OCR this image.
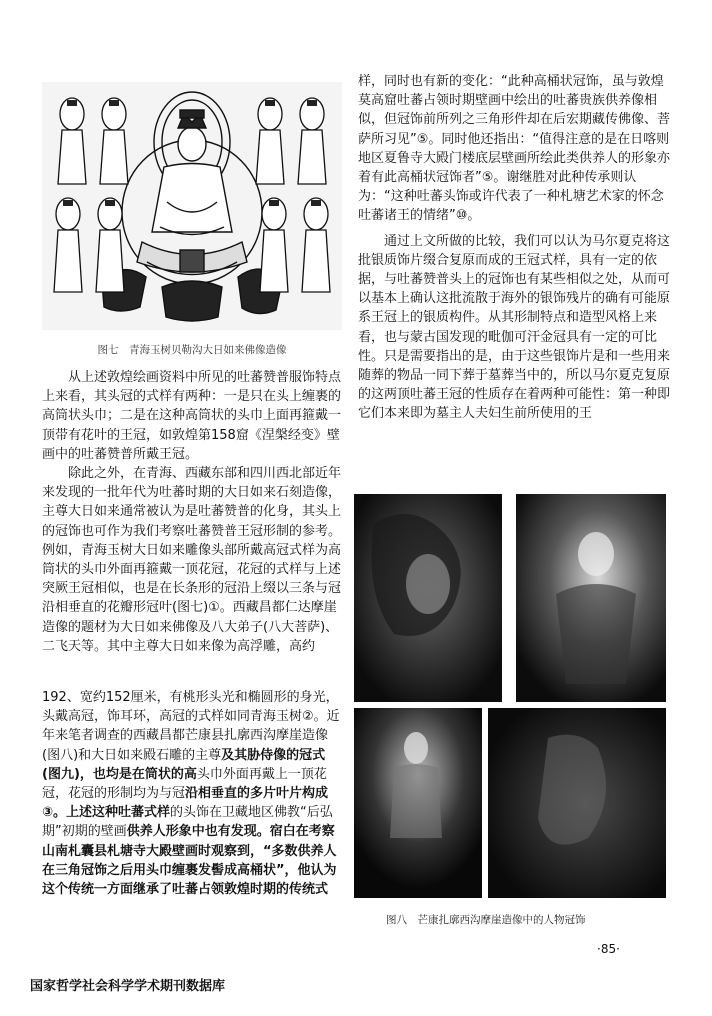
图七　青海玉树贝勒沟大日如来佛像造像

从上述敦煌绘画资料中所见的吐蕃赞普服饰特点上来看，其头冠的式样有两种：一是只在头上缠裹的高筒状头巾；二是在这种高筒状的头巾上面再箍戴一顶带有花叶的王冠，如敦煌第158窟《涅槃经变》壁画中的吐蕃赞普所戴王冠。

除此之外，在青海、西藏东部和四川西北部近年来发现的一批年代为吐蕃时期的大日如来石刻造像，主尊大日如来通常被认为是吐蕃赞普的化身，其头上的冠饰也可作为我们考察吐蕃赞普王冠形制的参考。例如，青海玉树大日如来雕像头部所戴高冠式样为高筒状的头巾外面再箍戴一顶花冠，花冠的式样与上述突厥王冠相似，也是在长条形的冠沿上缀以三条与冠沿相垂直的花瓣形冠叶(图七)①。西藏昌都仁达摩崖造像的题材为大日如来佛像及八大弟子(八大菩萨)、二飞天等。其中主尊大日如来像为高浮雕，高约

192、宽约152厘米，有桃形头光和椭圆形的身光，头戴高冠，饰耳环，高冠的式样如同青海玉树②。近年来笔者调查的西藏昌都芒康县扎廓西沟摩崖造像(图八)和大日如来殿石雕的主尊及其胁侍像的冠式(图九)，也均是在筒状的高头巾外面再戴上一顶花冠，花冠的形制均为与冠沿相垂直的多片叶片构成③。上述这种吐蕃式样的头饰在卫藏地区佛教“后弘期”初期的壁画供养人形象中也有发现。宿白在考察山南札囊县札塘寺大殿壁画时观察到，“多数供养人在三角冠饰之后用头巾缠裹发髻成高桶状”，他认为这个传统一方面继承了吐蕃占领敦煌时期的传统式

样，同时也有新的变化：“此种高桶状冠饰，虽与敦煌莫高窟吐蕃占领时期壁画中绘出的吐蕃贵族供养像相似，但冠饰前所列之三角形件却在后宏期藏传佛像、菩萨所习见”⑤。同时他还指出：“值得注意的是在日喀则地区夏鲁寺大殿门楼底层壁画所绘此类供养人的形象亦着有此高桶状冠饰者”⑤。谢继胜对此种传承则认为：“这种吐蕃头饰或许代表了一种札塘艺术家的怀念吐蕃诸王的情绪”⑩。

通过上文所做的比较，我们可以认为马尔夏克将这批银质饰片缀合复原而成的王冠式样，具有一定的依据，与吐蕃赞普头上的冠饰也有某些相似之处，从而可以基本上确认这批流散于海外的银饰残片的确有可能原系王冠上的银质构件。从其形制特点和造型风格上来看，也与蒙古国发现的毗伽可汗金冠具有一定的可比性。只是需要指出的是，由于这些银饰片是和一些用来随葬的物品一同下葬于墓葬当中的，所以马尔夏克复原的这两顶吐蕃王冠的性质存在着两种可能性：第一种即它们本来即为墓主人夫妇生前所使用的王

图八　芒康扎廓西沟摩崖造像中的人物冠饰
·85·
国家哲学社会科学学术期刊数据库
